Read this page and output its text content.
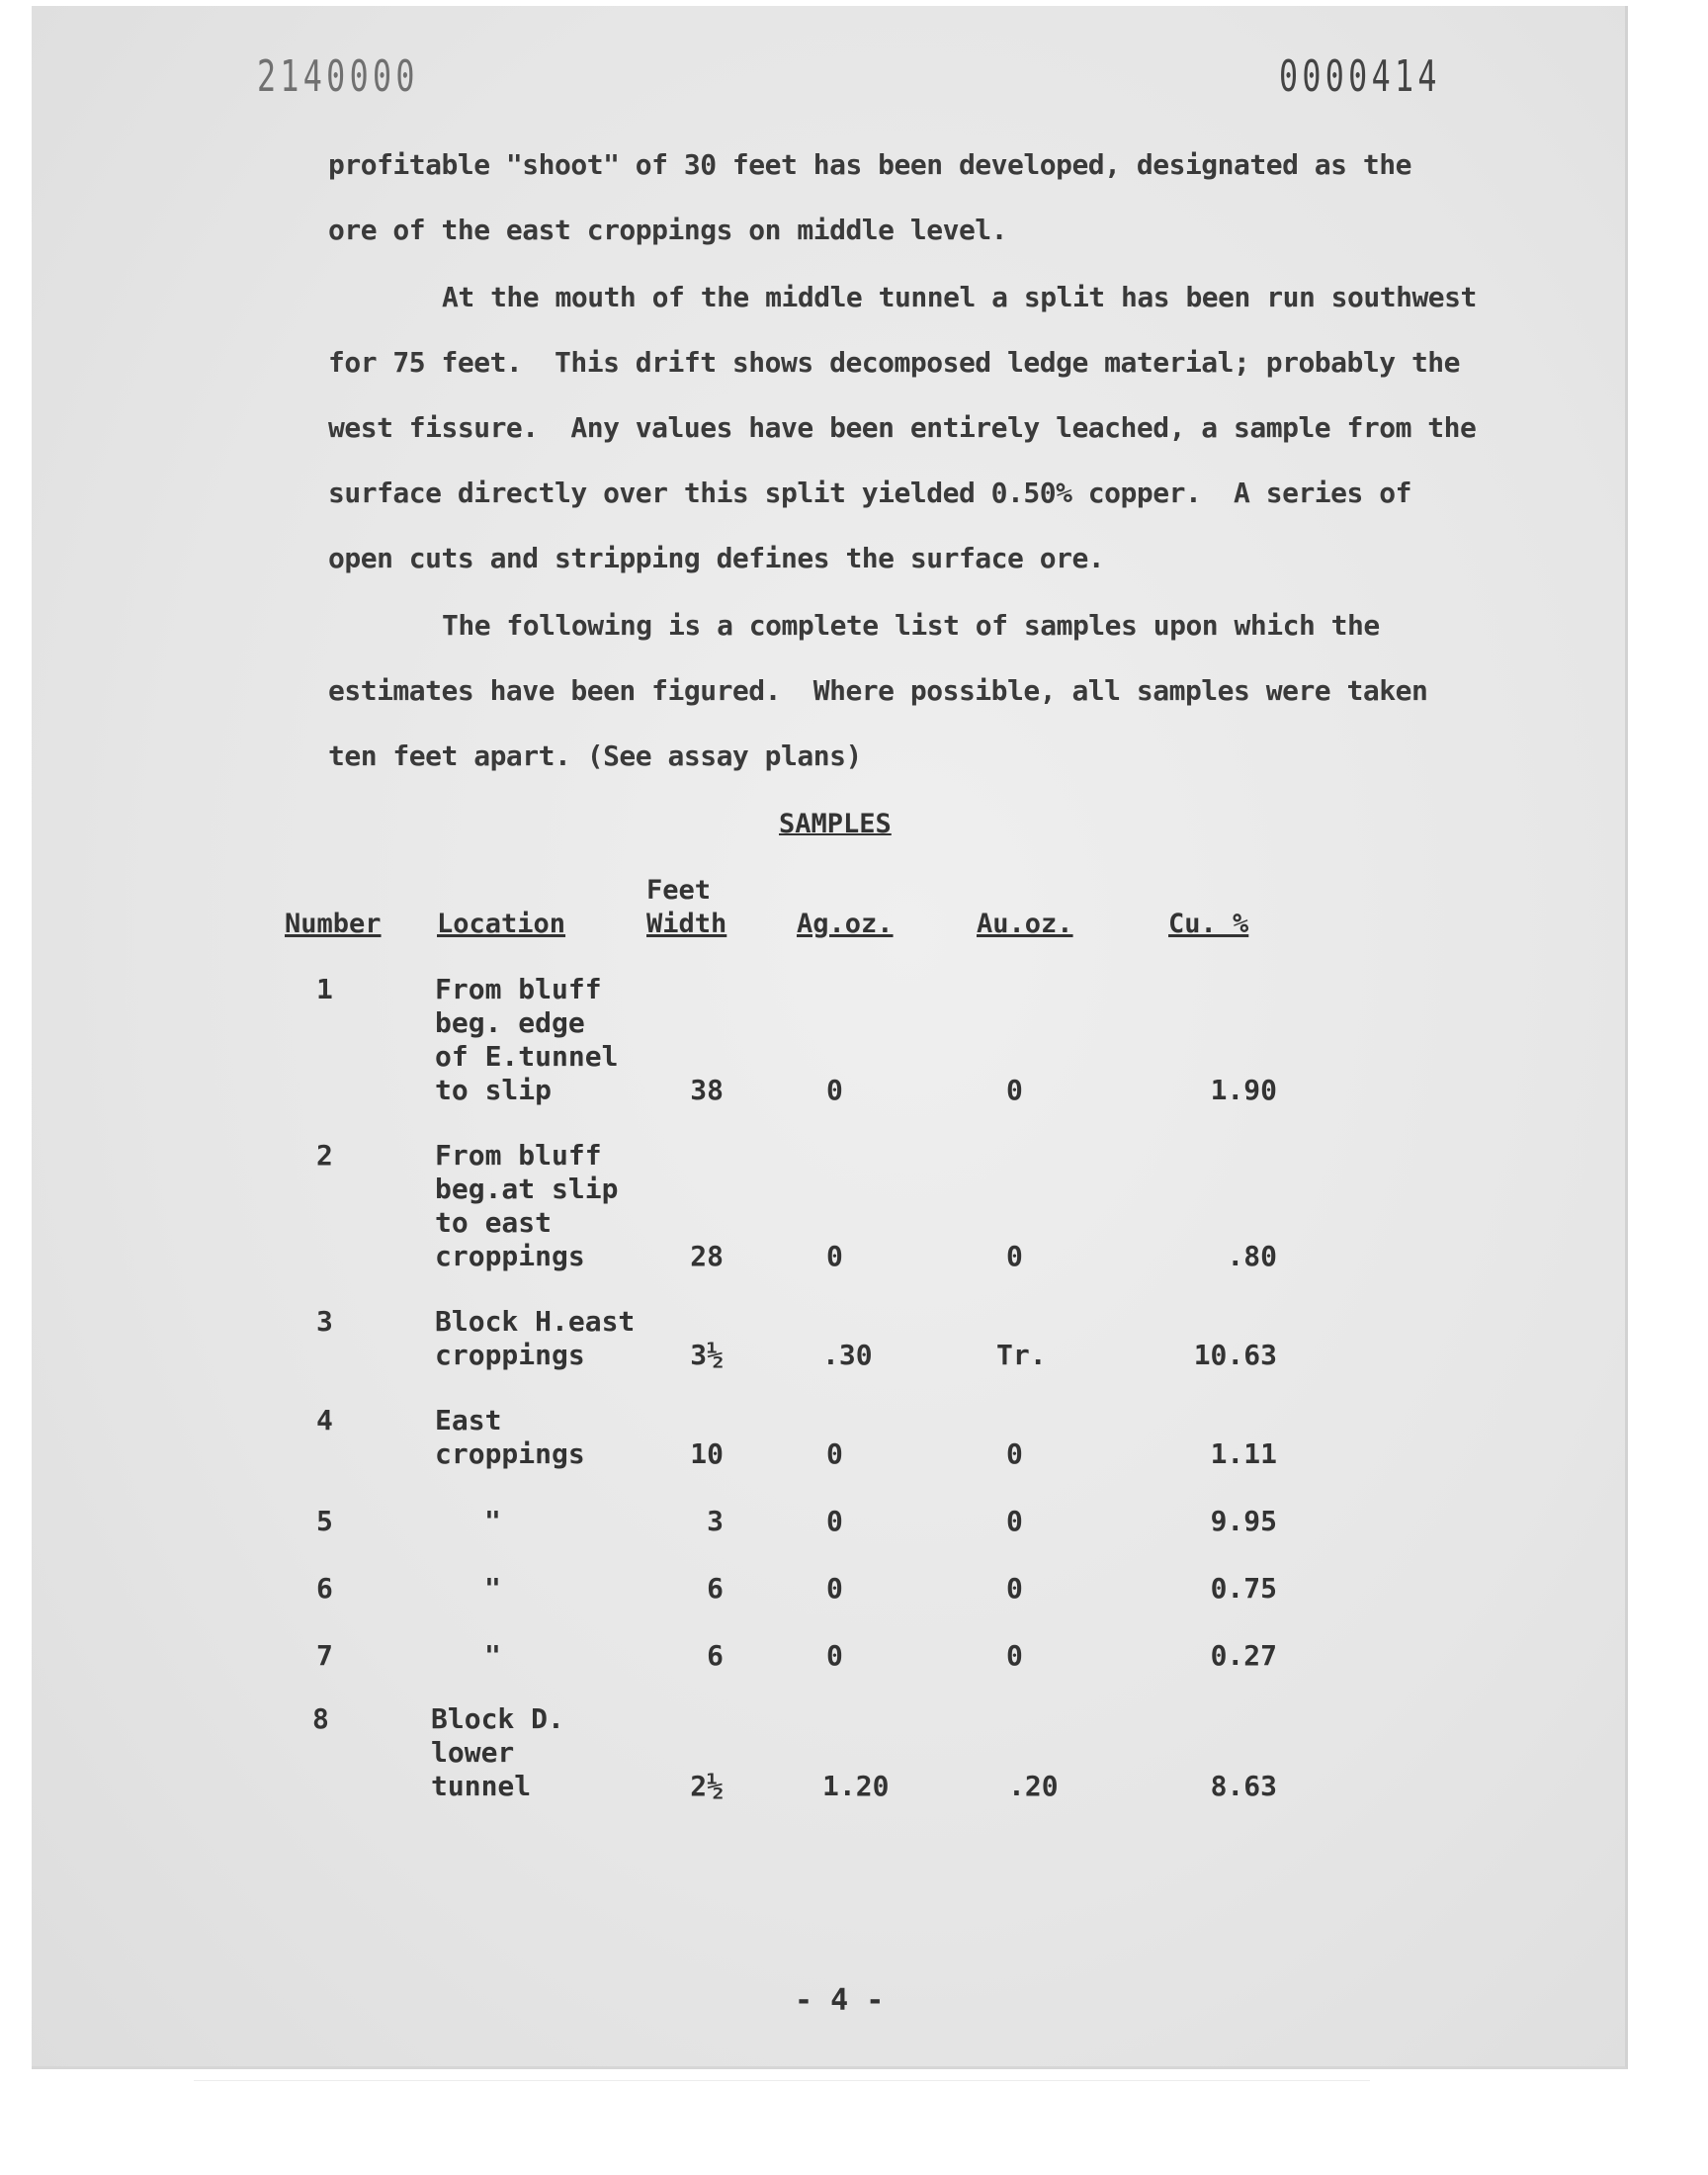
2140000	0000414
profitable "shoot" of 30 feet has been developed, designated as the
ore of the east croppings on middle level.
At the mouth of the middle tunnel a split has been run southwest
for 75 feet.  This drift shows decomposed ledge material; probably the
west fissure.  Any values have been entirely leached, a sample from the
surface directly over this split yielded 0.50% copper.  A series of
open cuts and stripping defines the surface ore.
The following is a complete list of samples upon which the
estimates have been figured.  Where possible, all samples were taken
ten feet apart. (See assay plans)
SAMPLES
Number Location
Feet
Width	Ag.oz.	Au.oz.	Cu. %
1	From bluff
beg. edge
of E.tunnel
to slip	38	0	0	1.90
2	From bluff
beg.at slip
to east
croppings	28	0	0	.80
3	Block H.east
croppings	3½	.30	Tr.	10.63
4	East
croppings	10	0	0	1.11
5	"	3	0	0	9.95
6	"	6	0	0	0.75
7	"	6	0	0	0.27
8	Block D.
lower
tunnel	2½	1.20	.20	8.63
- 4 -
